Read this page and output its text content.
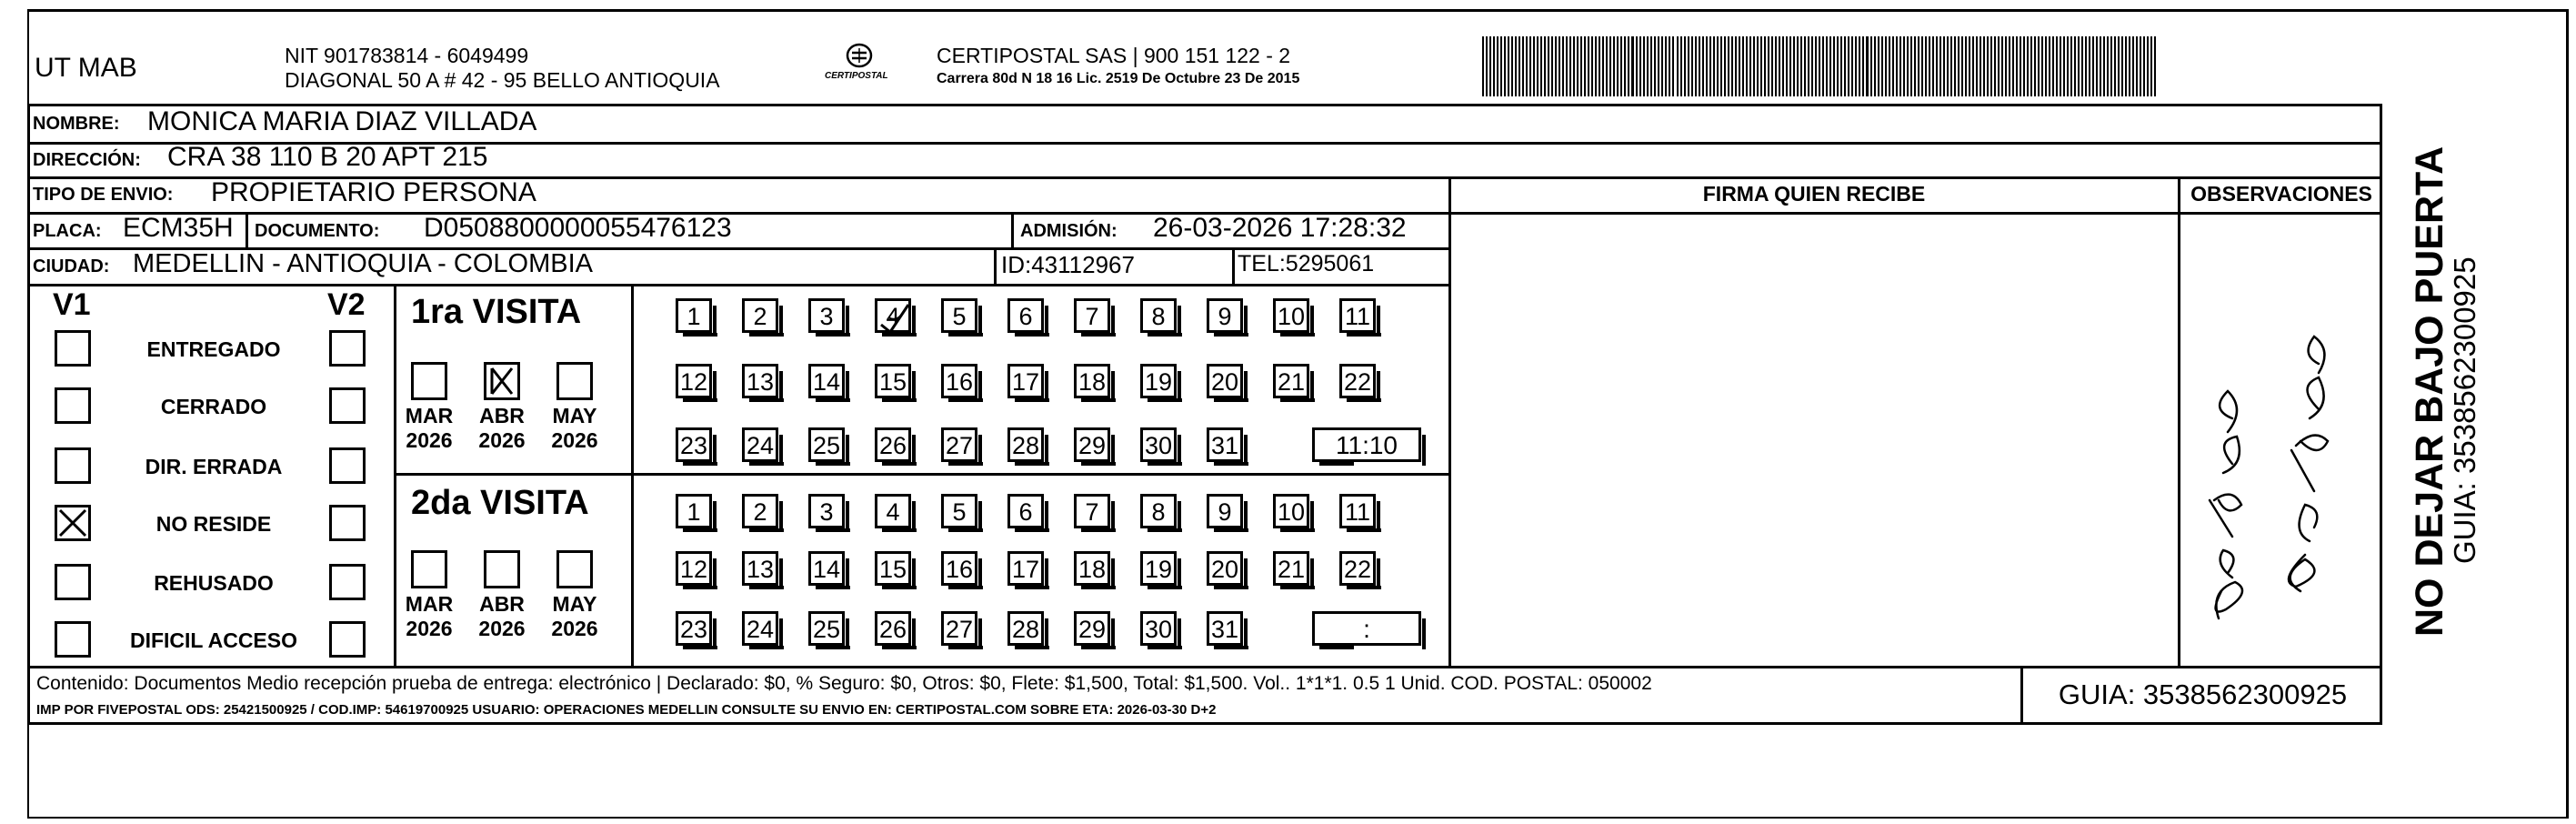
UT MAB	NIT 901783814 - 6049499
DIAGONAL 50 A # 42 - 95 BELLO ANTIOQUIA	CERTIPOSTAL
CERTIPOSTAL SAS | 900 151 122 - 2
Carrera 80d N 18 16 Lic. 2519 De Octubre 23 De 2015
NOMBRE: MONICA MARIA DIAZ VILLADA
DIRECCIÓN: CRA 38 110 B 20 APT 215
TIPO DE ENVIO: PROPIETARIO PERSONA
PLACA: ECM35H DOCUMENTO: D0508800000055476123	ADMISIÓN: 26-03-2026 17:28:32
CIUDAD: MEDELLIN - ANTIOQUIA - COLOMBIA	ID:43112967	TEL:5295061
FIRMA QUIEN RECIBE	OBSERVACIONES
V1	V2
ENTREGADO
CERRADO
DIR. ERRADA
NO RESIDE
REHUSADO
DIFICIL ACCESO
1ra VISITA
MAR
2026
ABR
2026
MAY
2026
1	2	3	4	5	6	7	8	9	10 11
12 13 14 15 16 17 18 19 20 21 22
23 24 25 26 27 28 29 30 31	11:10
2da VISITA
MAR
2026
ABR
2026
MAY
2026
1	2	3	4	5	6	7	8	9	10 11
12 13 14 15 16 17 18 19 20 21 22
23 24 25 26 27 28 29 30 31	:
Contenido: Documentos Medio recepción prueba de entrega: electrónico | Declarado: $0, % Seguro: $0, Otros: $0, Flete: $1,500, Total: $1,500. Vol.. 1*1*1. 0.5 1 Unid. COD. POSTAL: 050002
IMP POR FIVEPOSTAL ODS: 25421500925 / COD.IMP: 54619700925 USUARIO: OPERACIONES MEDELLIN CONSULTE SU ENVIO EN: CERTIPOSTAL.COM SOBRE ETA: 2026-03-30 D+2	GUIA: 3538562300925
NO DEJAR BAJO PUERTA
GUIA: 3538562300925
